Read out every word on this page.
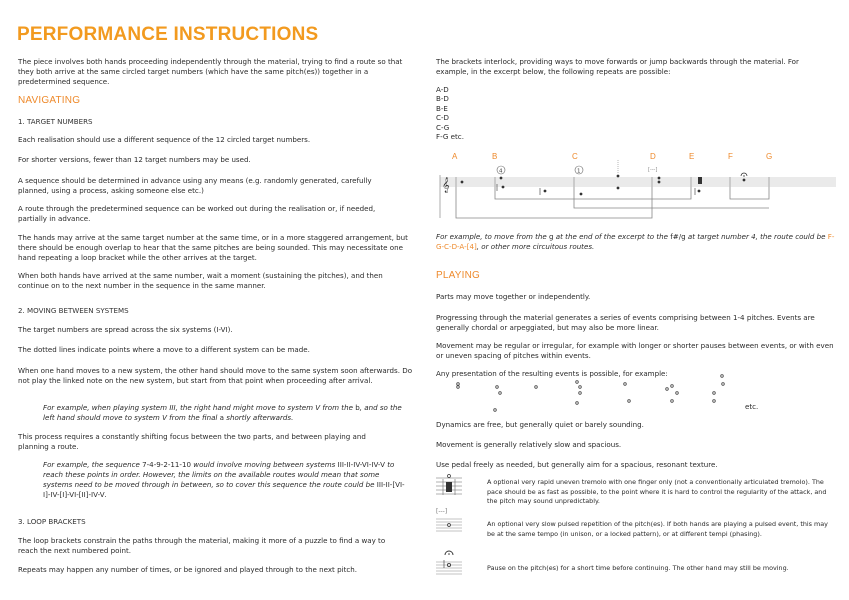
PERFORMANCE INSTRUCTIONS

The piece involves both hands proceeding independently through the material, trying to find a route so that they both arrive at the same circled target numbers (which have the same pitch(es)) together in a predetermined sequence.

NAVIGATING
1. TARGET NUMBERS

Each realisation should use a different sequence of the 12 circled target numbers.

For shorter versions, fewer than 12 target numbers may be used.

A sequence should be determined in advance using any means (e.g. randomly generated, carefully planned, using a process, asking someone else etc.)

A route through the predetermined sequence can be worked out during the realisation or, if needed, partially in advance.

The hands may arrive at the same target number at the same time, or in a more staggered arrangement, but there should be enough overlap to hear that the same pitches are being sounded. This may necessitate one hand repeating a loop bracket while the other arrives at the target.

When both hands have arrived at the same number, wait a moment (sustaining the pitches), and then continue on to the next number in the sequence in the same manner.

2. MOVING BETWEEN SYSTEMS

The target numbers are spread across the six systems (I-VI).

The dotted lines indicate points where a move to a different system can be made.

When one hand moves to a new system, the other hand should move to the same system soon afterwards. Do not play the linked note on the new system, but start from that point when proceeding after arrival.

For example, when playing system III, the right hand might move to system V from the b, and so the left hand should move to system V from the final a shortly afterwards.

This process requires a constantly shifting focus between the two parts, and between playing and planning a route.

For example, the sequence 7-4-9-2-11-10 would involve moving between systems III-II-IV-VI-IV-V to reach these points in order. However, the limits on the available routes would mean that some systems need to be moved through in between, so to cover this sequence the route could be III-II-[VI-I]-IV-[I]-VI-[II]-IV-V.

3. LOOP BRACKETS

The loop brackets constrain the paths through the material, making it more of a puzzle to find a way to reach the next numbered point.

Repeats may happen any number of times, or be ignored and played through to the next pitch.

The brackets interlock, providing ways to move forwards or jump backwards through the material. For example, in the excerpt below, the following repeats are possible:

A-D

B-D

B-E

C-D

C-G

F-G etc.

A	B	C	D	E	F	G
𝄞
4	1	[---]

For example, to move from the g at the end of the excerpt to the f#/g at target number 4, the route could be F-G-C-D-A-[4], or other more circuitous routes.

PLAYING

Parts may move together or independently.

Progressing through the material generates a series of events comprising between 1-4 pitches. Events are generally chordal or arpeggiated, but may also be more linear.

Movement may be regular or irregular, for example with longer or shorter pauses between events, or with even or uneven spacing of pitches within events.

Any presentation of the resulting events is possible, for example:

etc.

Dynamics are free, but generally quiet or barely sounding.

Movement is generally relatively slow and spacious.

Use pedal freely as needed, but generally aim for a spacious, resonant texture.

A optional very rapid uneven tremolo with one finger only (not a conventionally articulated tremolo). The pace should be as fast as possible, to the point where it is hard to control the regularity of the attack, and the pitch may sound unpredictably.

[---]

An optional very slow pulsed repetition of the pitch(es). If both hands are playing a pulsed event, this may be at the same tempo (in unison, or a locked pattern), or at different tempi (phasing).

Pause on the pitch(es) for a short time before continuing. The other hand may still be moving.
